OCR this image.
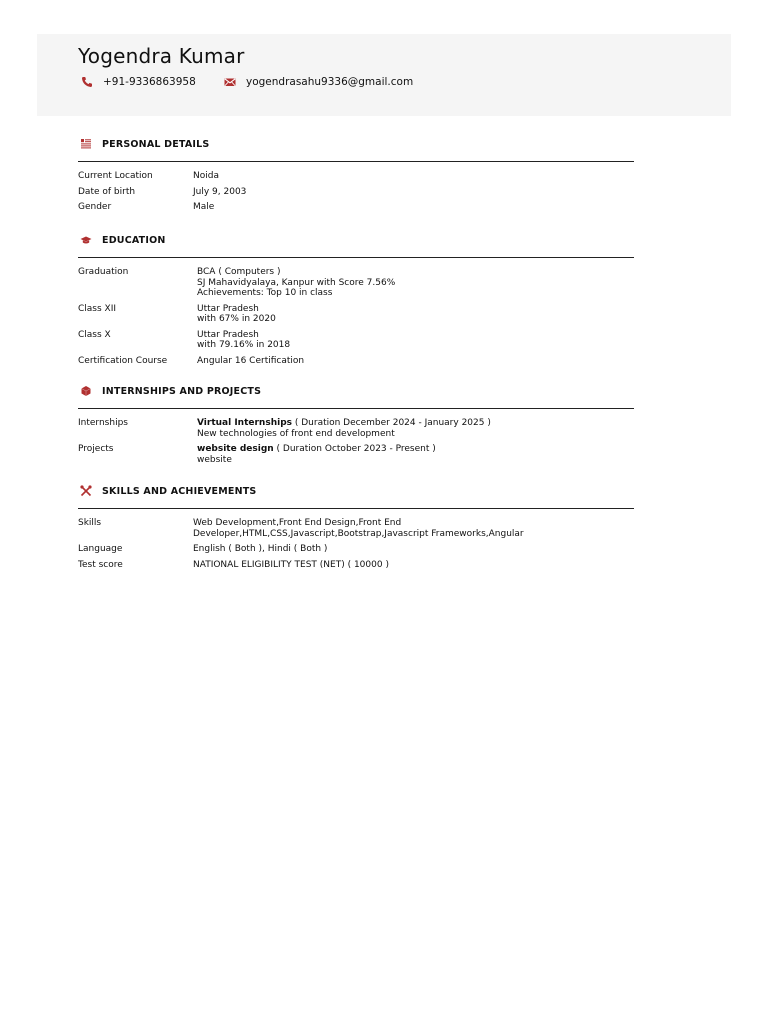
Yogendra Kumar
+91-9336863958	yogendrasahu9336@gmail.com
PERSONAL DETAILS
Current Location	Noida
Date of birth	July 9, 2003
Gender	Male
EDUCATION
Graduation	BCA ( Computers )
SJ Mahavidyalaya, Kanpur with Score 7.56%
Achievements: Top 10 in class
Class XII	Uttar Pradesh
with 67% in 2020
Class X	Uttar Pradesh
with 79.16% in 2018
Certification Course	Angular 16 Certification
INTERNSHIPS AND PROJECTS
Internships	Virtual Internships ( Duration December 2024 - January 2025 )
New technologies of front end development
Projects	website design ( Duration October 2023 - Present )
website
SKILLS AND ACHIEVEMENTS
Skills	Web Development,Front End Design,Front End
Developer,HTML,CSS,Javascript,Bootstrap,Javascript Frameworks,Angular
Language	English ( Both ), Hindi ( Both )
Test score	NATIONAL ELIGIBILITY TEST (NET) ( 10000 )
